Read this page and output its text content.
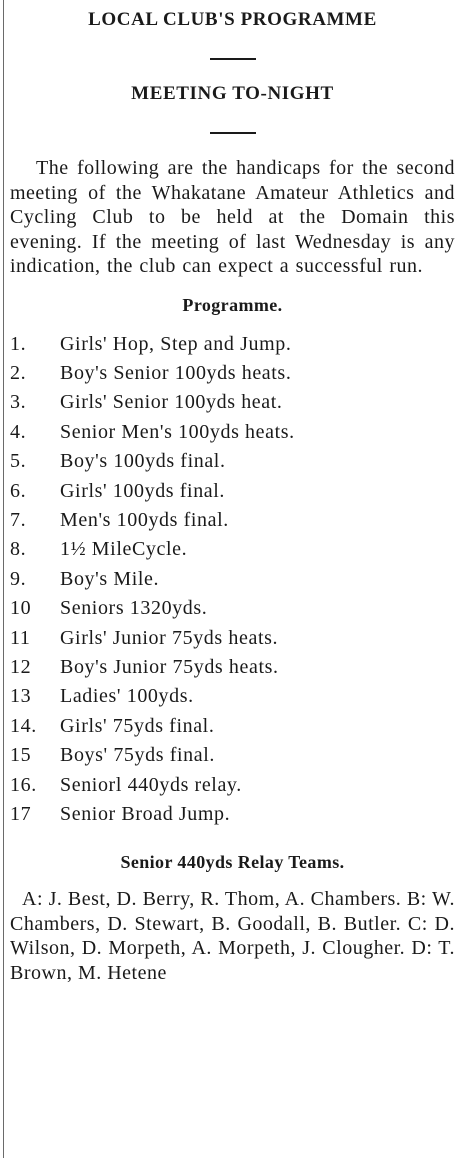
LOCAL CLUB'S PROGRAMME
MEETING TO-NIGHT

The following are the handicaps for the second meeting of the Whakatane Amateur Athletics and Cycling Club to be held at the Domain this evening. If the meeting of last Wednesday is any indication, the club can expect a successful run.

Programme.
1. Girls' Hop, Step and Jump.
2. Boy's Senior 100yds heats.
3. Girls' Senior 100yds heat.
4. Senior Men's 100yds heats.
5. Boy's 100yds final.
6. Girls' 100yds final.
7. Men's 100yds final.
8. 1½ MileCycle.
9. Boy's Mile.
10 Seniors 1320yds.
11 Girls' Junior 75yds heats.
12 Boy's Junior 75yds heats.
13 Ladies' 100yds.
14. Girls' 75yds final.
15 Boys' 75yds final.
16. Seniorl 440yds relay.
17 Senior Broad Jump.
Senior 440yds Relay Teams.

A: J. Best, D. Berry, R. Thom, A. Chambers. B: W. Chambers, D. Stewart, B. Goodall, B. Butler. C: D. Wilson, D. Morpeth, A. Morpeth, J. Clougher. D: T. Brown, M. Hetene
